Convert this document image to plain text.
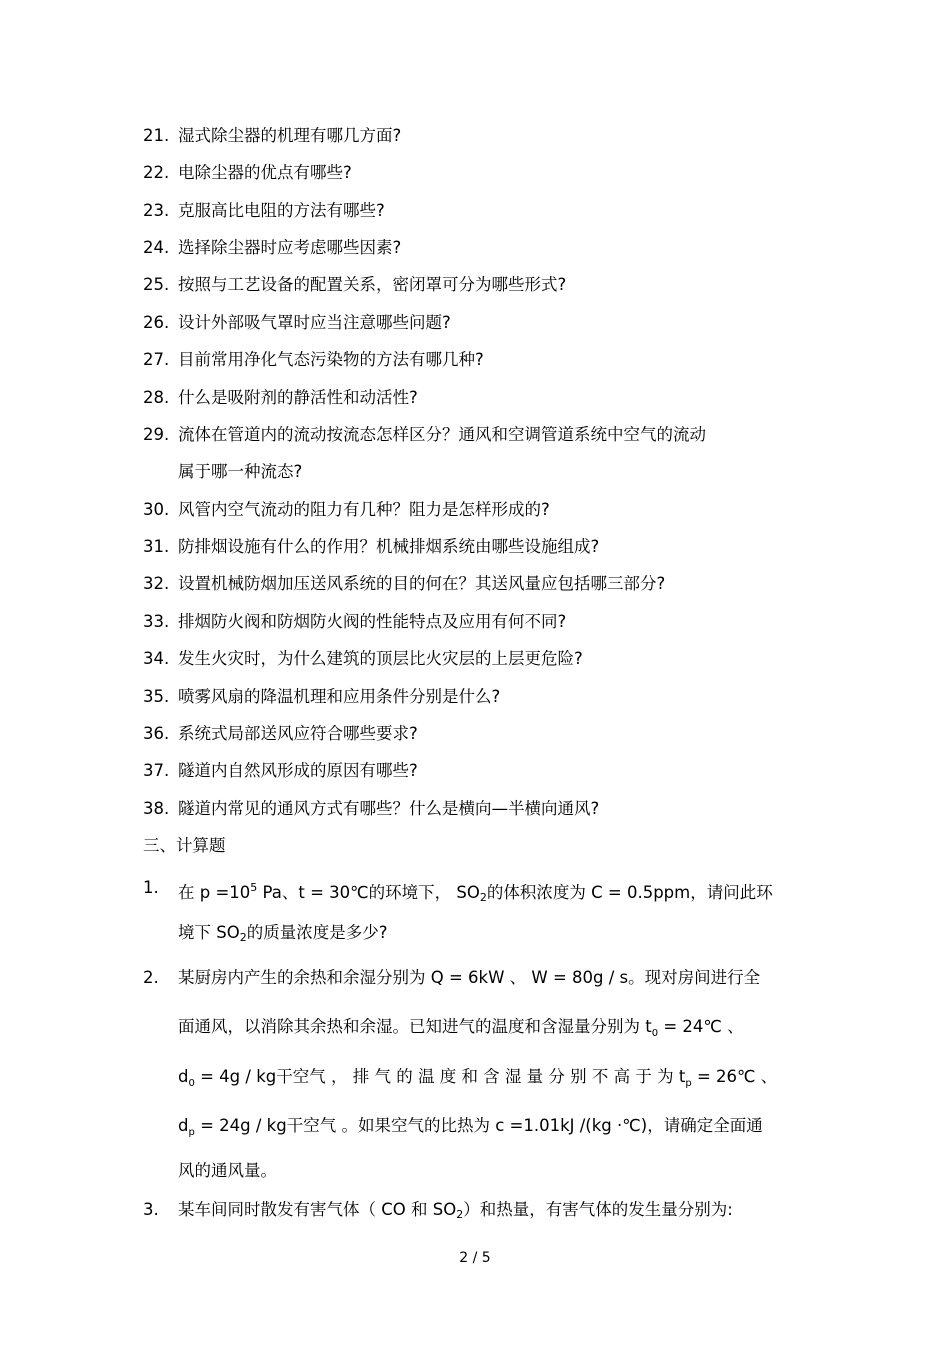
21. 湿式除尘器的机理有哪几方面?
22. 电除尘器的优点有哪些?
23. 克服高比电阻的方法有哪些?
24. 选择除尘器时应考虑哪些因素?
25. 按照与工艺设备的配置关系，密闭罩可分为哪些形式?
26. 设计外部吸气罩时应当注意哪些问题?
27. 目前常用净化气态污染物的方法有哪几种?
28. 什么是吸附剂的静活性和动活性?
29. 流体在管道内的流动按流态怎样区分？通风和空调管道系统中空气的流动
属于哪一种流态?
30. 风管内空气流动的阻力有几种？阻力是怎样形成的?
31. 防排烟设施有什么的作用？机械排烟系统由哪些设施组成?
32. 设置机械防烟加压送风系统的目的何在？其送风量应包括哪三部分?
33. 排烟防火阀和防烟防火阀的性能特点及应用有何不同?
34. 发生火灾时，为什么建筑的顶层比火灾层的上层更危险?
35. 喷雾风扇的降温机理和应用条件分别是什么?
36. 系统式局部送风应符合哪些要求?
37. 隧道内自然风形成的原因有哪些?
38. 隧道内常见的通风方式有哪些？什么是横向—半横向通风?
三、计算题
1. 在 $p =10^5$ Pa、t = 30℃的环境下， $SO_2$的体积浓度为 C = 0.5ppm，请问此环
境下 $SO_2$的质量浓度是多少?
2. 某厨房内产生的余热和余湿分别为 Q = 6kW 、 W = 80g / s。现对房间进行全
面通风，以消除其余热和余湿。已知进气的温度和含湿量分别为 $t_0$ = 24℃ 、
$d_0 = 4g$ / kg干空气 ， 排 气 的 温 度 和 含 湿 量 分 别 不 高 于 为 $t_p$ = 26℃ 、
$d_p = 24g$ / kg干空气 。如果空气的比热为 c =1.01kJ /(kg ·℃)，请确定全面通
风的通风量。
3. 某车间同时散发有害气体（ CO 和 $SO_2$）和热量，有害气体的发生量分别为:
2 / 5
